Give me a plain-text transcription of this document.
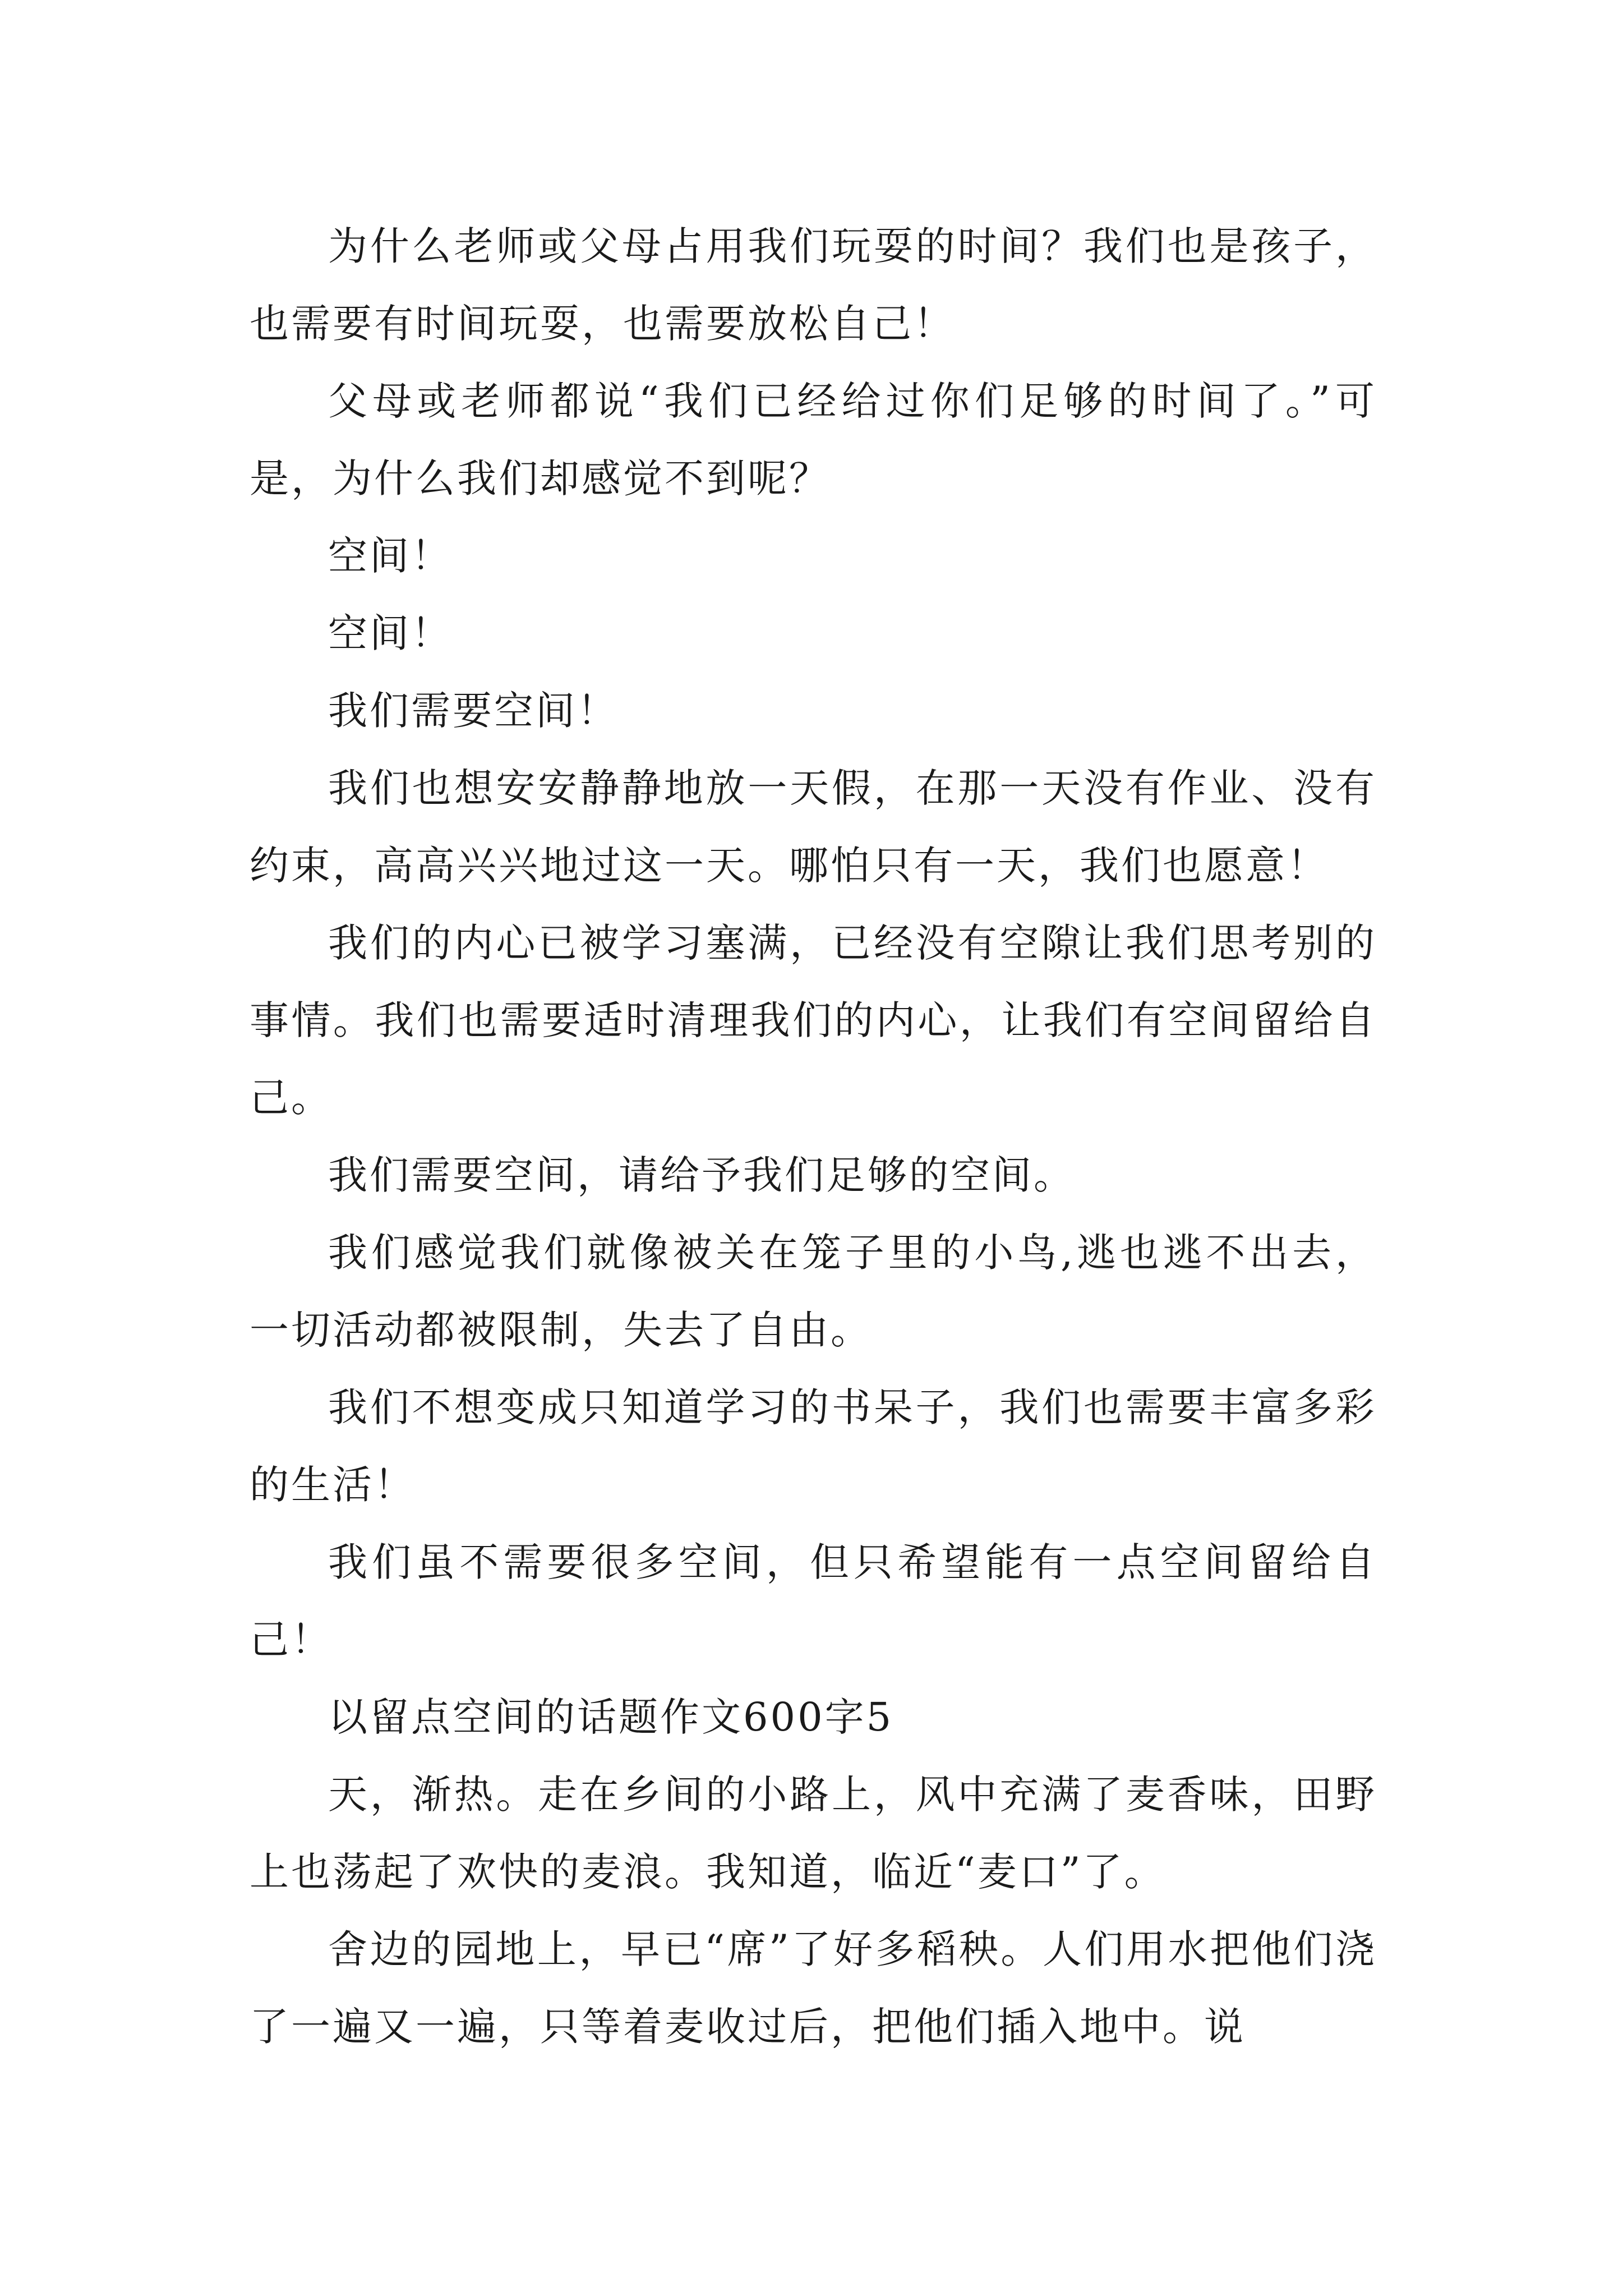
为什么老师或父母占用我们玩耍的时间？我们也是孩子，也需要有时间玩耍，也需要放松自己！

父母或老师都说“我们已经给过你们足够的时间了。”可是，为什么我们却感觉不到呢？

空间！

空间！

我们需要空间！

我们也想安安静静地放一天假，在那一天没有作业、没有约束，高高兴兴地过这一天。哪怕只有一天，我们也愿意！

我们的内心已被学习塞满，已经没有空隙让我们思考别的事情。我们也需要适时清理我们的内心，让我们有空间留给自己。

我们需要空间，请给予我们足够的空间。

我们感觉我们就像被关在笼子里的小鸟,逃也逃不出去，一切活动都被限制，失去了自由。

我们不想变成只知道学习的书呆子，我们也需要丰富多彩的生活！

我们虽不需要很多空间，但只希望能有一点空间留给自己！

以留点空间的话题作文600字5

天，渐热。走在乡间的小路上，风中充满了麦香味，田野上也荡起了欢快的麦浪。我知道，临近“麦口”了。

舍边的园地上，早已“席”了好多稻秧。人们用水把他们浇了一遍又一遍，只等着麦收过后，把他们插入地中。说
